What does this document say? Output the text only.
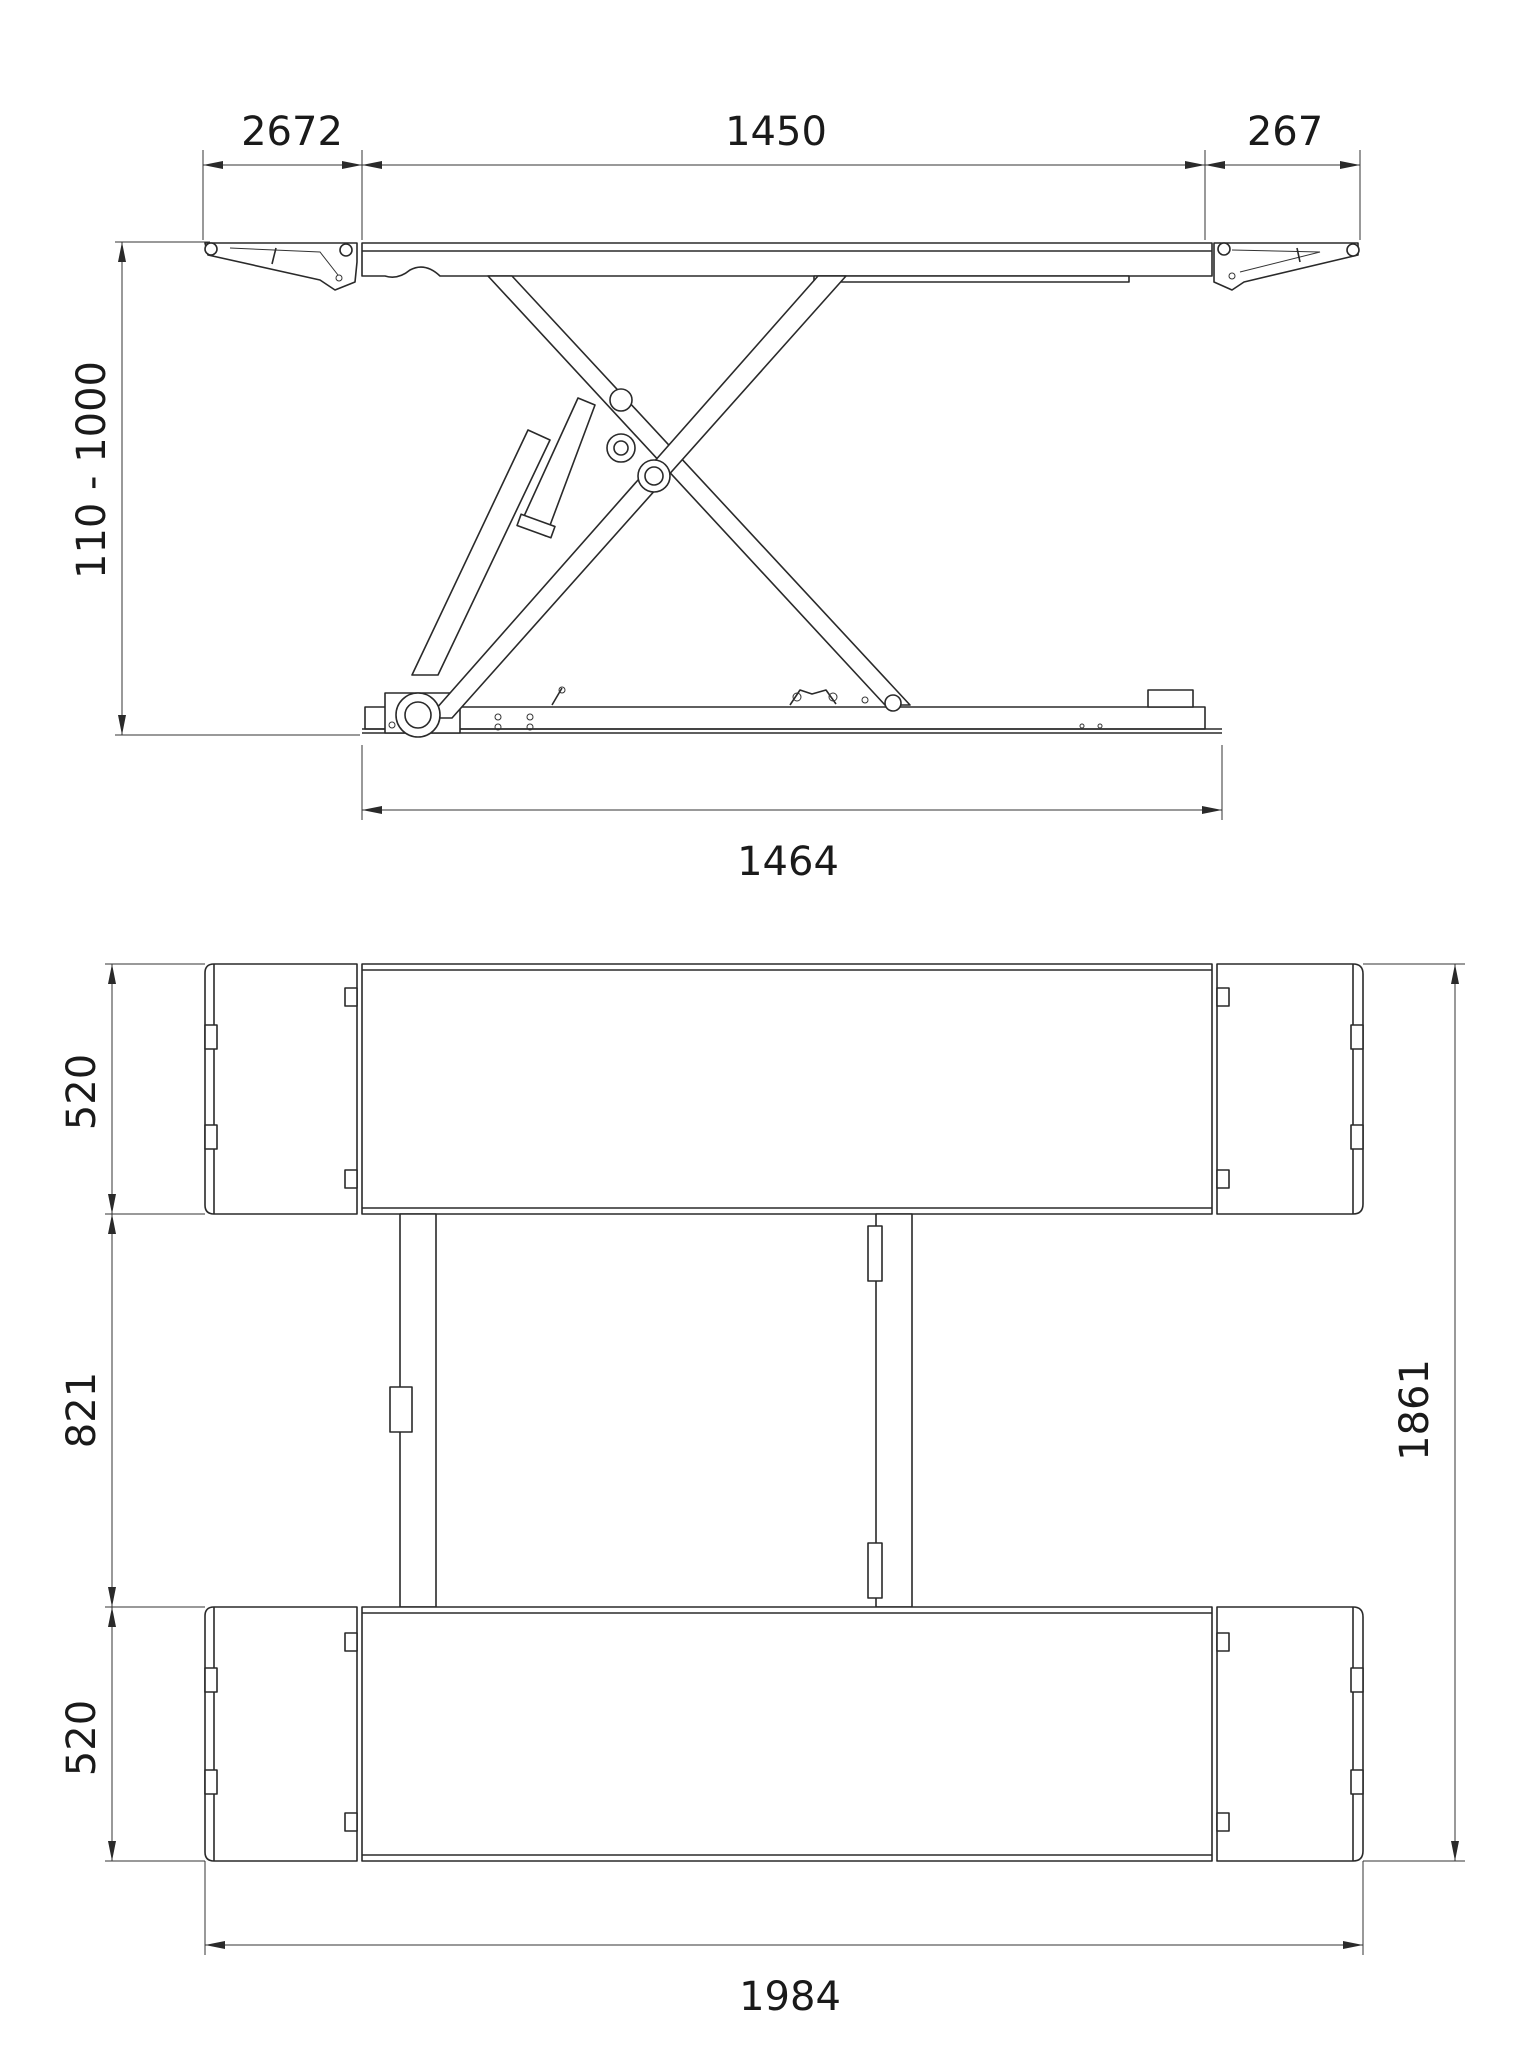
2672	1450	267
110 - 1000
1464
520
821
520
1861
1984
